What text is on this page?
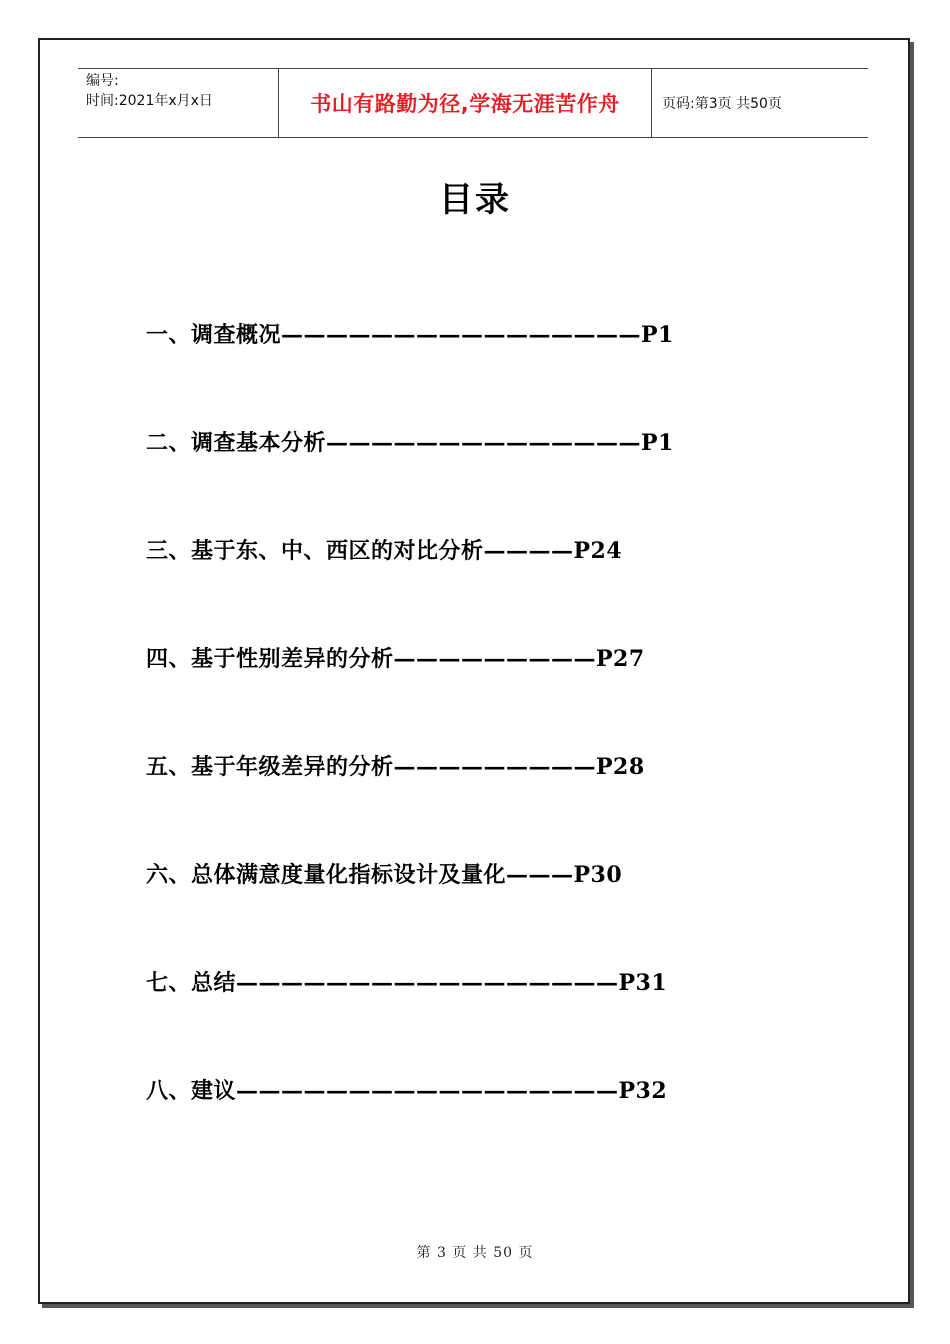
编号:
时间:2021年x月x日	书山有路勤为径,学海无涯苦作舟	页码:第3页 共50页
目录
一、调查概况————————————————P1
二、调查基本分析——————————————P1
三、基于东、中、西区的对比分析————P24
四、基于性别差异的分析—————————P27
五、基于年级差异的分析—————————P28
六、总体满意度量化指标设计及量化———P30
七、总结—————————————————P31
八、建议—————————————————P32
第 3 页 共 50 页
